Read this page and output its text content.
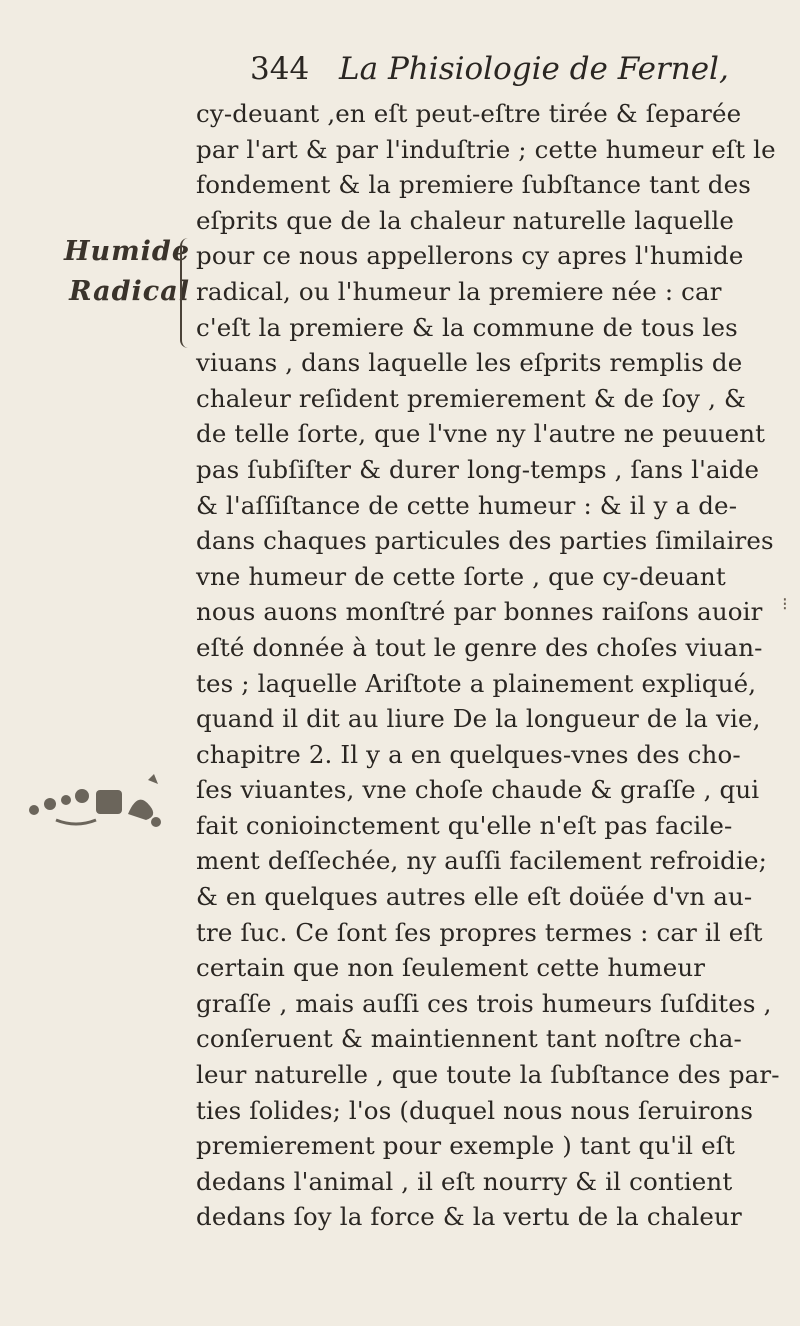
344 La Phisiologie de Fernel,
Humide
Radical
cy-deuant ,en eſt peut-eſtre tirée & ſeparée
par l'art & par l'induſtrie ; cette humeur eſt le
fondement & la premiere ſubſtance tant des
eſprits que de la chaleur naturelle laquelle
pour ce nous appellerons cy apres l'humide
radical, ou l'humeur la premiere née : car
c'eſt la premiere & la commune de tous les
viuans , dans laquelle les eſprits remplis de
chaleur reſident premierement & de ſoy , &
de telle ſorte, que l'vne ny l'autre ne peuuent
pas ſubſiſter & durer long-temps , ſans l'aide
& l'aſſiſtance de cette humeur : & il y a de-
dans chaques particules des parties ſimilaires
vne humeur de cette ſorte , que cy-deuant
nous auons monſtré par bonnes raiſons auoir
eſté donnée à tout le genre des choſes viuan-
tes ; laquelle Ariſtote a plainement expliqué,
quand il dit au liure De la longueur de la vie,
chapitre 2. Il y a en quelques-vnes des cho-
ſes viuantes, vne choſe chaude & graſſe , qui
fait conioinctement qu'elle n'eſt pas facile-
ment deſſechée, ny auſſi facilement refroidie;
& en quelques autres elle eſt doüée d'vn au-
tre ſuc. Ce ſont ſes propres termes : car il eſt
certain que non ſeulement cette humeur
graſſe , mais auſſi ces trois humeurs ſuſdites ,
conſeruent & maintiennent tant noſtre cha-
leur naturelle , que toute la ſubſtance des par-
ties ſolides; l'os (duquel nous nous ſeruirons
premierement pour exemple ) tant qu'il eſt
dedans l'animal , il eſt nourry & il contient
dedans ſoy la force & la vertu de la chaleur
⁝
